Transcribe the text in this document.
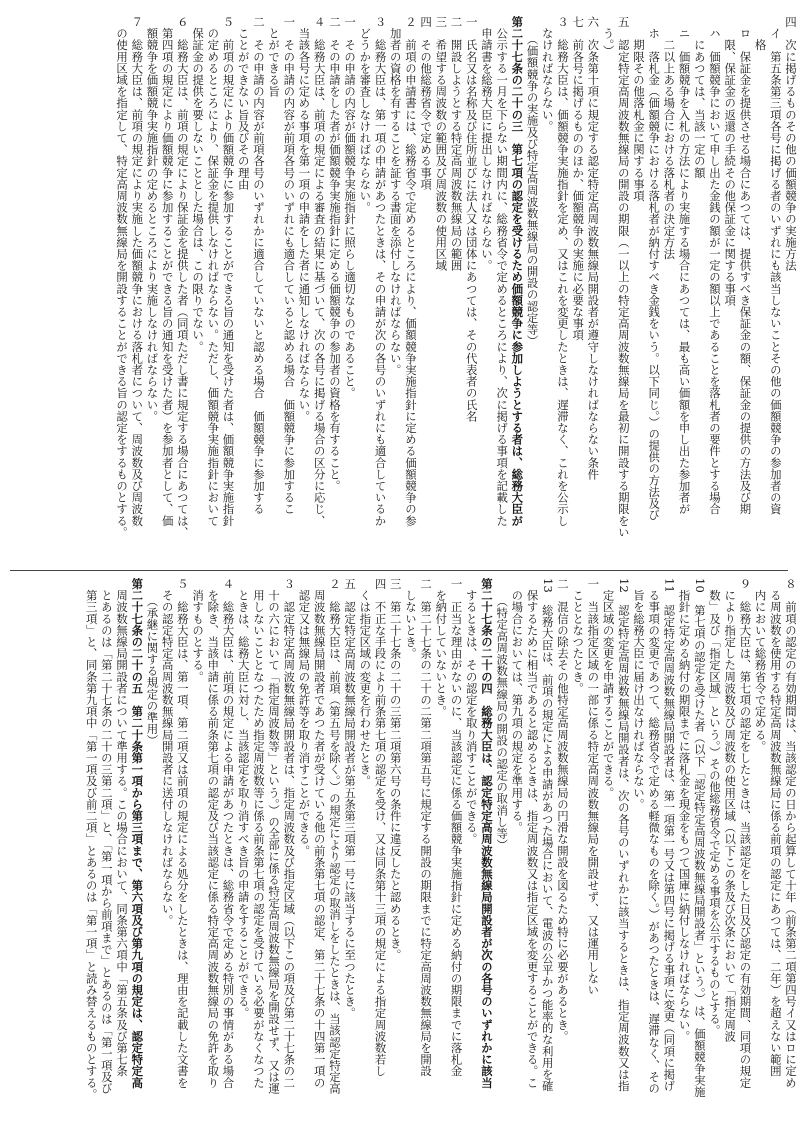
四　次に掲げるものその他の価額競争の実施方法
　イ　第五条第三項各号に掲げる者のいずれにも該当しないことその他の価額競争の参加者の資
　　格
　ロ　保証金を提供させる場合にあつては、提供すべき保証金の額、保証金の提供の方法及び期
　　限、保証金の返還の手続その他保証金に関する事項
　ハ　価額競争において申し出た金銭の額が一定の額以上であることを落札者の要件とする場合
　　にあつては、当該一定の額
　ニ　価額競争を入札の方法により実施する場合にあつては、最も高い価額を申し出た参加者が
　　二以上ある場合における落札者の決定方法
　ホ　落札金（価額競争における落札者が納付すべき金銭をいう。以下同じ。）の提供の方法及び
　　期限その他落札金に関する事項
五　認定特定高周波数無線局の開設の期限（一以上の特定高周波数無線局を最初に開設する期限をい
　う。）
六　次条第十項に規定する認定特定高周波数無線局開設者が遵守しなければならない条件
七　前各号に掲げるもののほか、価額競争の実施に必要な事項
３　総務大臣は、価額競争実施指針を定め、又はこれを変更したときは、遅滞なく、これを公示し
　なければならない。
　　（価額競争の実施及び特定高周波数無線局の開設の認定等）
第二十七条の二十の三　第七項の認定を受けるため価額競争に参加しようとする者は、総務大臣が
　公示する一月を下らない期間内に、総務省令で定めるところにより、次に掲げる事項を記載した
　申請書を総務大臣に提出しなければならない。
一　氏名又は名称及び住所並びに法人又は団体にあつては、その代表者の氏名
二　開設しようとする特定高周波数無線局の範囲
三　希望する周波数の範囲及び周波数の使用区域
四　その他総務省令で定める事項
２　前項の申請書には、総務省令で定めるところにより、価額競争実施指針に定める価額競争の参
　加者の資格を有することを証する書面を添付しなければならない。
３　総務大臣は、第一項の申請があつたときは、その申請が次の各号のいずれにも適合しているか
　どうかを審査しなければならない。
一　その申請の内容が価額競争実施指針に照らし適切なものであること。
二　その申請をした者が価額競争実施指針に定める価額競争の参加者の資格を有すること。
４　総務大臣は、前項の規定による審査の結果に基づいて、次の各号に掲げる場合の区分に応じ、
　当該各号に定める事項を第一項の申請をした者に通知しなければならない。
一　その申請の内容が前項各号のいずれにも適合していると認める場合　価額競争に参加するこ
　とができる旨
二　その申請の内容が前項各号のいずれかに適合していないと認める場合　価額競争に参加する
　ことができない旨及びその理由
５　前項の規定により価額競争に参加することができる旨の通知を受けた者は、価額競争実施指針
　の定めるところにより、保証金を提供しなければならない。ただし、価額競争実施指針において
　保証金の提供を要しないこととした場合は、この限りでない。
６　総務大臣は、前項の規定により保証金を提供した者（同項ただし書に規定する場合にあつては、
　第四項の規定により価額競争に参加することができる旨の通知を受けた者）を参加者として、価
　額競争を価額競争実施指針の定めるところにより実施しなければならない。
７　総務大臣は、前項の規定により実施した価額競争における落札者について、周波数及び周波数
　の使用区域を指定して、特定高周波数無線局を開設することができる旨の認定をするものとする。
８　前項の認定の有効期間は、当該認定の日から起算して十年（前条第二項第四号イ又はロに定め
　る周波数を使用する特定高周波数無線局に係る前項の認定にあつては、二年）を超えない範囲
　内において総務省令で定める。
９　総務大臣は、第七項の認定をしたときは、当該認定をした日及び認定の有効期間、同項の規定
　により指定した周波数及び周波数の使用区域（以下この条及び次条において「指定周波
　数」及び「指定区域」という。）その他総務省令で定める事項を公示するものとする。
10　第七項の認定を受けた者（以下「認定特定高周波数無線局開設者」という。）は、価額競争実施
　指針に定める納付の期限までに落札金を現金をもつて国庫に納付しなければならない。
11　認定特定高周波数無線局開設者は、第一項第一号又は第四号に掲げる事項に変更（同項に掲げ
　る事項の変更であつて、総務省令で定める軽微なものを除く。）があつたときは、遅滞なく、その
　旨を総務大臣に届け出なければならない。
12　認定特定高周波数無線局開設者は、次の各号のいずれかに該当するときは、指定周波数又は指
　定区域の変更を申請することができる。
一　当該指定区域の一部に係る特定高周波数無線局を開設せず、又は運用しない
　こととなつたとき。
二　混信の除去その他特定高周波数無線局の円滑な開設を図るため特に必要があるとき。
13　総務大臣は、前項の規定による申請があつた場合において、電波の公平かつ能率的な利用を確
　保するために相当であると認めるときは、指定周波数又は指定区域を変更することができる。こ
　の場合においては、第九項の規定を準用する。
　　（特定高周波数無線局の開設の認定の取消し等）
第二十七条の二十の四　総務大臣は、認定特定高周波数無線局開設者が次の各号のいずれかに該当
　するときは、その認定を取り消すことができる。
一　正当な理由がないのに、当該認定に係る価額競争実施指針に定める納付の期限までに落札金
　を納付していないとき。
二　第二十七条の二十の二第二項第五号に規定する開設の期限までに特定高周波数無線局を開設
　しないとき。
三　第二十七条の二十の三第二項第六号の条件に違反したと認めるとき。
四　不正な手段により前条第七項の認定を受け、又は同条第十三項の規定による指定周波数若し
　くは指定区域の変更を行わせたとき。
五　認定特定高周波数無線局開設者が第五条第三項第一号に該当するに至つたとき。
２　総務大臣は、前項（第五号を除く。）の規定により認定の取消しをしたときは、当該認定特定高
　周波数無線局開設者であつた者が受けている他の前条第七項の認定、第二十七条の十四第一項の
　認定又は無線局の免許等を取り消すことができる。
３　認定特定高周波数無線局開設者は、指定周波数及び指定区域（以下この項及び第二十七条の二
　十の六において「指定周波数等」という。）の全部に係る特定高周波数無線局を開設せず、又は運
　用しないこととなつたため指定周波数等に係る前条第七項の認定を受けている必要がなくなつた
　ときは、総務大臣に対し、当該認定を取り消すべき旨の申請をすることができる。
４　総務大臣は、前項の規定による申請があつたときは、総務省令で定める特別の事情がある場合
　を除き、当該申請に係る前条第七項の認定及び当該認定に係る特定高周波数無線局の免許を取り
　消すものとする。
５　総務大臣は、第一項、第二項又は前項の規定による処分をしたときは、理由を記載した文書を
　その認定特定高周波数無線局開設者に送付しなければならない。
　　（承継に関する規定の準用）
第二十七条の二十の五　第二十条第一項から第三項まで、第六項及び第九項の規定は、認定特定高
　周波数無線局開設者について準用する。この場合において、同条第六項中「第五条及び第七条
　とあるのは「第二十七条の二十の三第二項」と、「第一項から前項まで」とあるのは「第一項及び
　第三項」と、同条第九項中「第一項及び前二項」とあるのは「第一項」と読み替えるものとする。
